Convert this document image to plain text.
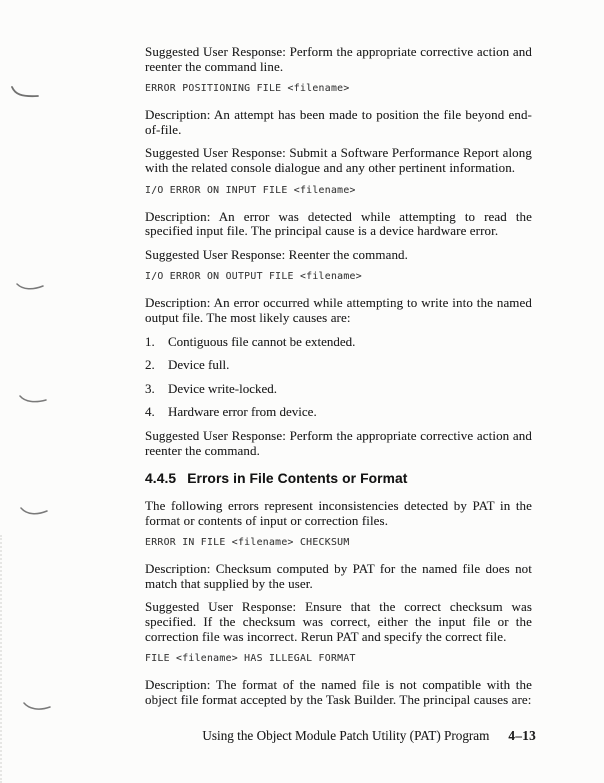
Suggested User Response: Perform the appropriate corrective action and reenter the command line.

ERROR POSITIONING FILE <filename>

Description: An attempt has been made to position the file beyond end-of-file.

Suggested User Response: Submit a Software Performance Report along with the related console dialogue and any other pertinent information.

I/O ERROR ON INPUT FILE <filename>

Description: An error was detected while attempting to read the specified input file. The principal cause is a device hardware error.

Suggested User Response: Reenter the command.

I/O ERROR ON OUTPUT FILE <filename>

Description: An error occurred while attempting to write into the named output file. The most likely causes are:

1.	Contiguous file cannot be extended.
2.	Device full.
3.	Device write-locked.
4.	Hardware error from device.

Suggested User Response: Perform the appropriate corrective action and reenter the command.

4.4.5 Errors in File Contents or Format

The following errors represent inconsistencies detected by PAT in the format or contents of input or correction files.

ERROR IN FILE <filename> CHECKSUM

Description: Checksum computed by PAT for the named file does not match that supplied by the user.

Suggested User Response: Ensure that the correct checksum was specified. If the checksum was correct, either the input file or the correction file was incorrect. Rerun PAT and specify the correct file.

FILE <filename> HAS ILLEGAL FORMAT

Description: The format of the named file is not compatible with the object file format accepted by the Task Builder. The principal causes are:

Using the Object Module Patch Utility (PAT) Program 4–13
